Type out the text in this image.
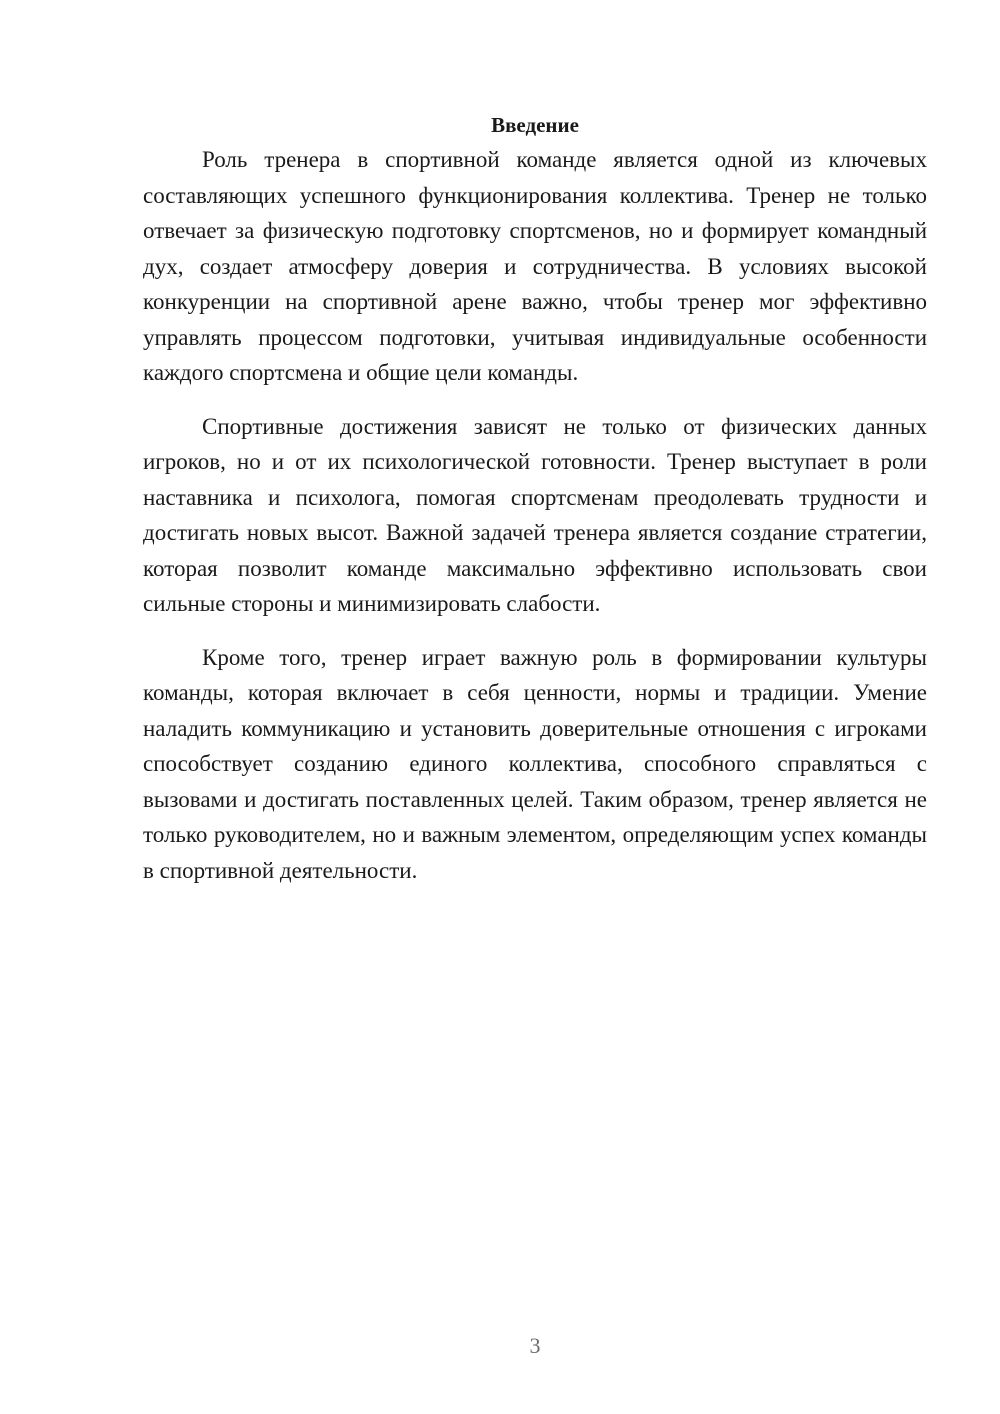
Введение

Роль тренера в спортивной команде является одной из ключевых составляющих успешного функционирования коллектива. Тренер не только отвечает за физическую подготовку спортсменов, но и формирует командный дух, создает атмосферу доверия и сотрудничества. В условиях высокой конкуренции на спортивной арене важно, чтобы тренер мог эффективно управлять процессом подготовки, учитывая индивидуальные особенности каждого спортсмена и общие цели команды.

Спортивные достижения зависят не только от физических данных игроков, но и от их психологической готовности. Тренер выступает в роли наставника и психолога, помогая спортсменам преодолевать трудности и достигать новых высот. Важной задачей тренера является создание стратегии, которая позволит команде максимально эффективно использовать свои сильные стороны и минимизировать слабости.

Кроме того, тренер играет важную роль в формировании культуры команды, которая включает в себя ценности, нормы и традиции. Умение наладить коммуникацию и установить доверительные отношения с игроками способствует созданию единого коллектива, способного справляться с вызовами и достигать поставленных целей. Таким образом, тренер является не только руководителем, но и важным элементом, определяющим успех команды в спортивной деятельности.

3
